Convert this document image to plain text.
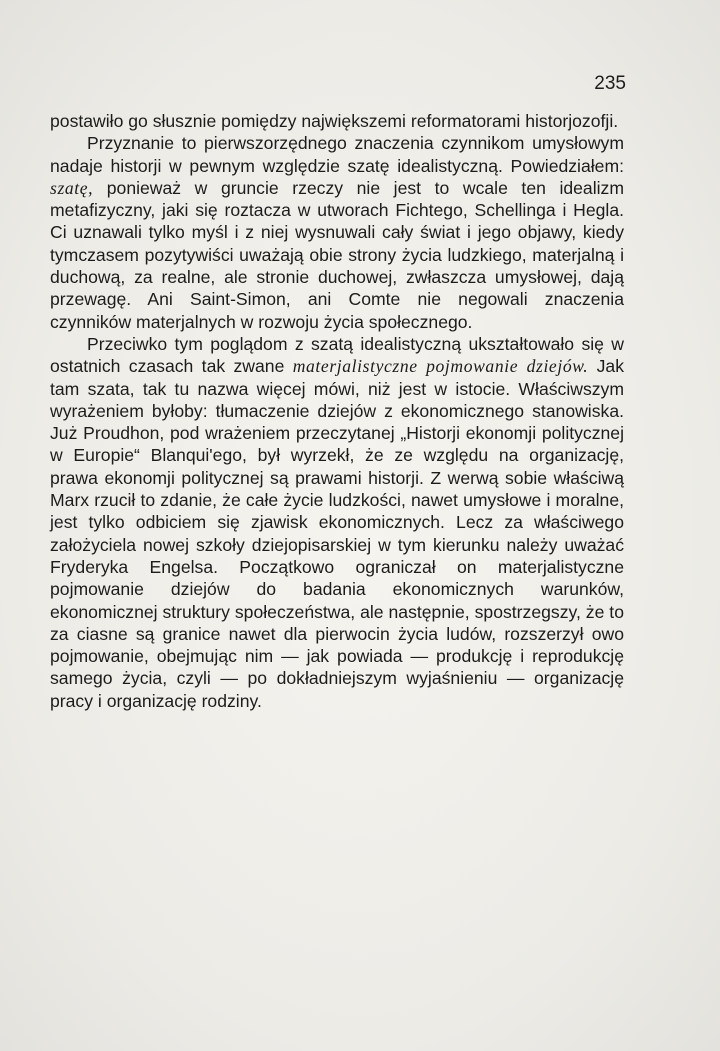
235

postawiło go słusznie pomiędzy największemi reformatorami historjozofji.

Przyznanie to pierwszorzędnego znaczenia czynnikom umysłowym nadaje historji w pewnym względzie szatę idealistyczną. Powiedziałem: szatę, ponieważ w gruncie rzeczy nie jest to wcale ten idealizm metafizyczny, jaki się roztacza w utworach Fichtego, Schellinga i Hegla. Ci uznawali tylko myśl i z niej wysnuwali cały świat i jego objawy, kiedy tymczasem pozytywiści uważają obie strony życia ludzkiego, materjalną i duchową, za realne, ale stronie duchowej, zwłaszcza umysłowej, dają przewagę. Ani Saint-Simon, ani Comte nie negowali znaczenia czynników materjalnych w rozwoju życia społecznego.

Przeciwko tym poglądom z szatą idealistyczną ukształtowało się w ostatnich czasach tak zwane materjalistyczne pojmowanie dziejów. Jak tam szata, tak tu nazwa więcej mówi, niż jest w istocie. Właściwszym wyrażeniem byłoby: tłumaczenie dziejów z ekonomicznego stanowiska. Już Proudhon, pod wrażeniem przeczytanej „Historji ekonomji politycznej w Europie“ Blanqui'ego, był wyrzekł, że ze względu na organizację, prawa ekonomji politycznej są prawami historji. Z werwą sobie właściwą Marx rzucił to zdanie, że całe życie ludzkości, nawet umysłowe i moralne, jest tylko odbiciem się zjawisk ekonomicznych. Lecz za właściwego założyciela nowej szkoły dziejopisarskiej w tym kierunku należy uważać Fryderyka Engelsa. Początkowo ograniczał on materjalistyczne pojmowanie dziejów do badania ekonomicznych warunków, ekonomicznej struktury społeczeństwa, ale następnie, spostrzegszy, że to za ciasne są granice nawet dla pierwocin życia ludów, rozszerzył owo pojmowanie, obejmując nim — jak powiada — produkcję i reprodukcję samego życia, czyli — po dokładniejszym wyjaśnieniu — organizację pracy i organizację rodziny.
